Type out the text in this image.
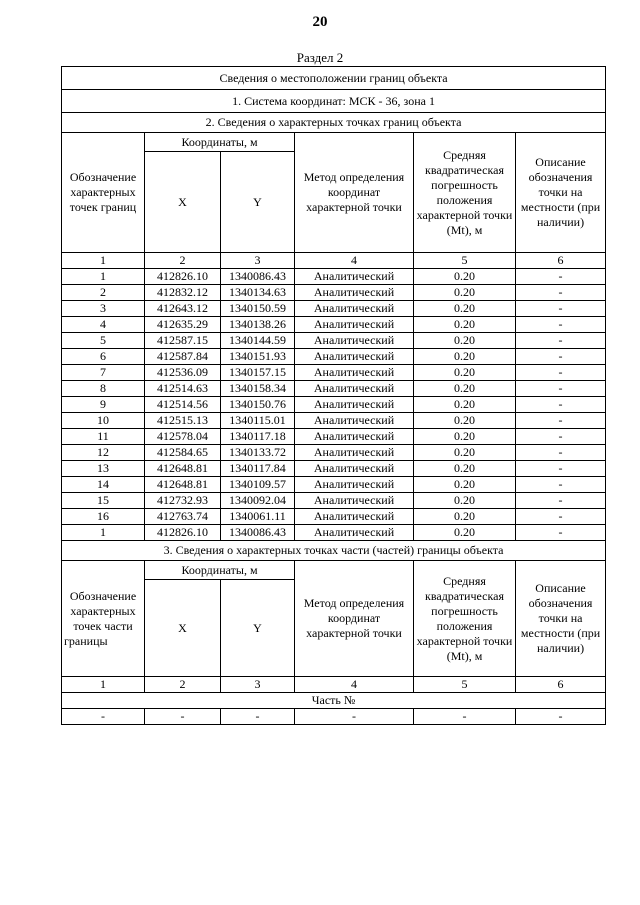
20
Раздел 2
Сведения о местоположении границ объекта					
1. Система координат: МСК - 36, зона 1					
2. Сведения о характерных точках границ объекта					
Обозначение характерных точек границ	Координаты, м		Метод определения координат характерной точки	Средняя квадратическая погрешность положения характерной точки (Mt), м	Описание обозначения точки на местности (при наличии)
	X	Y			
1	2	3	4	5	6
1	412826.10	1340086.43	Аналитический	0.20	-
2	412832.12	1340134.63	Аналитический	0.20	-
3	412643.12	1340150.59	Аналитический	0.20	-
4	412635.29	1340138.26	Аналитический	0.20	-
5	412587.15	1340144.59	Аналитический	0.20	-
6	412587.84	1340151.93	Аналитический	0.20	-
7	412536.09	1340157.15	Аналитический	0.20	-
8	412514.63	1340158.34	Аналитический	0.20	-
9	412514.56	1340150.76	Аналитический	0.20	-
10	412515.13	1340115.01	Аналитический	0.20	-
11	412578.04	1340117.18	Аналитический	0.20	-
12	412584.65	1340133.72	Аналитический	0.20	-
13	412648.81	1340117.84	Аналитический	0.20	-
14	412648.81	1340109.57	Аналитический	0.20	-
15	412732.93	1340092.04	Аналитический	0.20	-
16	412763.74	1340061.11	Аналитический	0.20	-
1	412826.10	1340086.43	Аналитический	0.20	-
3. Сведения о характерных точках части (частей) границы объекта					
Обозначение характерных точек части границы	Координаты, м		Метод определения координат характерной точки	Средняя квадратическая погрешность положения характерной точки (Mt), м	Описание обозначения точки на местности (при наличии)
	X	Y			
1	2	3	4	5	6
Часть №					
-	-	-	-	-	-
